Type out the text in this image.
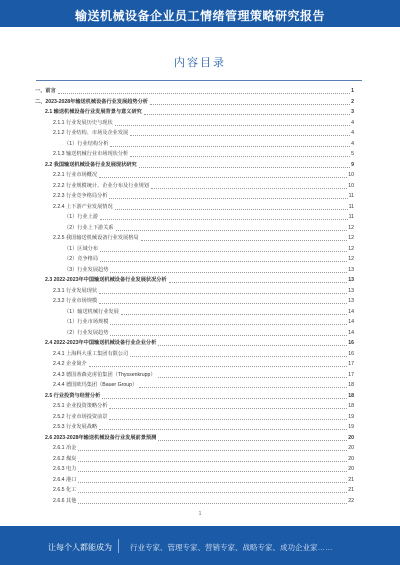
输送机械设备企业员工情绪管理策略研究报告
内容目录
一、前言	1
二、2023-2028年输送机械设备行业发展趋势分析	2
2.1 输送机械设备行业发展背景与意义研究	3
2.1.1 行业发展历史与现状	4
2.1.2 行业结构、市场及企业发展	4
（1）行业结构分析	4
2.1.3 输送机械行业市场现状分析	5
2.2 我国输送机械设备行业发展现状研究	9
2.2.1 行业市场概况	10
2.2.2 行业规模统计、企业分布及行业规划	10
2.2.3 行业竞争格局分析	11
2.2.4 上下游产业发展情况	11
（1）行业上游	11
（2）行业上下游关系	12
2.2.5 我国输送机械设备行业发展格局	12
（1）区域分布	12
（2）竞争格局	12
（3）行业发展趋势	13
2.3 2022-2023年中国输送机械设备行业发展状况分析	13
2.3.1 行业发展现状	13
2.3.2 行业市场规模	13
（1）输送机械行业发展	14
（1）行业市场规模	14
（2）行业发展趋势	14
2.4 2022-2023年中国输送机械设备行业企业分析	16
2.4.1 上海科大重工集团有限公司	16
2.4.2 企业简介	17
2.4.3 德国蒂森克虏伯集团（Thyssenkrupp）	17
2.4.4 德国欧玛集团（Bauer Group）	18
2.5 行业投资与经营分析	18
2.5.1 企业投资策略分析	18
2.5.2 行业市场投资前景	19
2.5.3 行业发展战略	19
2.6 2023-2028年输送机械设备行业发展前景预测	20
2.6.1 冶金	20
2.6.2 煤炭	20
2.6.3 电力	20
2.6.4 港口	21
2.6.5 化工	21
2.6.6 其他	22
1
让每个人都能成为 行业专家、管理专家、营销专家、战略专家、成功企业家……
